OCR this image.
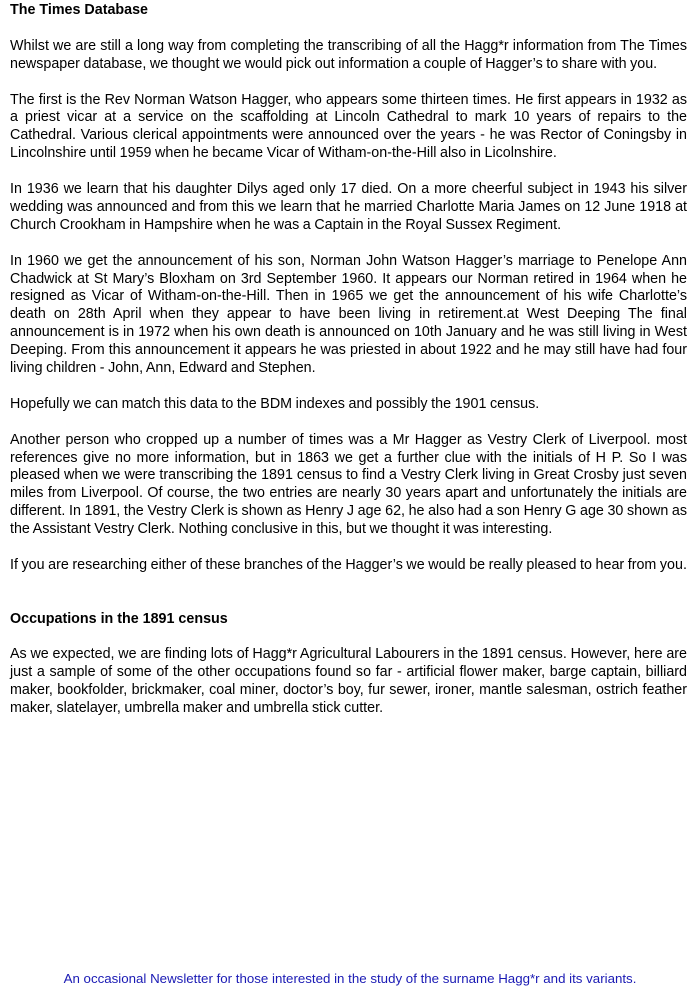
The Times Database

Whilst we are still a long way from completing the transcribing of all the Hagg*r information from The Times newspaper database, we thought we would pick out information a couple of Hagger’s to share with you.

The first is the Rev Norman Watson Hagger, who appears some thirteen times. He first appears in 1932 as a priest vicar at a service on the scaffolding at Lincoln Cathedral to mark 10 years of repairs to the Cathedral. Various clerical appointments were announced over the years - he was Rector of Coningsby in Lincolnshire until 1959 when he became Vicar of Witham-on-the-Hill also in Licolnshire.

In 1936 we learn that his daughter Dilys aged only 17 died. On a more cheerful subject in 1943 his silver wedding was announced and from this we learn that he married Charlotte Maria James on 12 June 1918 at Church Crookham in Hampshire when he was a Captain in the Royal Sussex Regiment.

In 1960 we get the announcement of his son, Norman John Watson Hagger’s marriage to Penelope Ann Chadwick at St Mary’s Bloxham on 3rd September 1960. It appears our Norman retired in 1964 when he resigned as Vicar of Witham-on-the-Hill. Then in 1965 we get the announcement of his wife Charlotte’s death on 28th April when they appear to have been living in retirement.at West Deeping The final announcement is in 1972 when his own death is announced on 10th January and he was still living in West Deeping. From this announcement it appears he was priested in about 1922 and he may still have had four living children - John, Ann, Edward and Stephen.

Hopefully we can match this data to the BDM indexes and possibly the 1901 census.

Another person who cropped up a number of times was a Mr Hagger as Vestry Clerk of Liverpool. most references give no more information, but in 1863 we get a further clue with the initials of H P. So I was pleased when we were transcribing the 1891 census to find a Vestry Clerk living in Great Crosby just seven miles from Liverpool. Of course, the two entries are nearly 30 years apart and unfortunately the initials are different. In 1891, the Vestry Clerk is shown as Henry J age 62, he also had a son Henry G age 30 shown as the Assistant Vestry Clerk. Nothing conclusive in this, but we thought it was interesting.

If you are researching either of these branches of the Hagger’s we would be really pleased to hear from you.

Occupations in the 1891 census

As we expected, we are finding lots of Hagg*r Agricultural Labourers in the 1891 census. However, here are just a sample of some of the other occupations found so far - artificial flower maker, barge captain, billiard maker, bookfolder, brickmaker, coal miner, doctor’s boy, fur sewer, ironer, mantle salesman, ostrich feather maker, slatelayer, umbrella maker and umbrella stick cutter.

An occasional Newsletter for those interested in the study of the surname Hagg*r and its variants.
